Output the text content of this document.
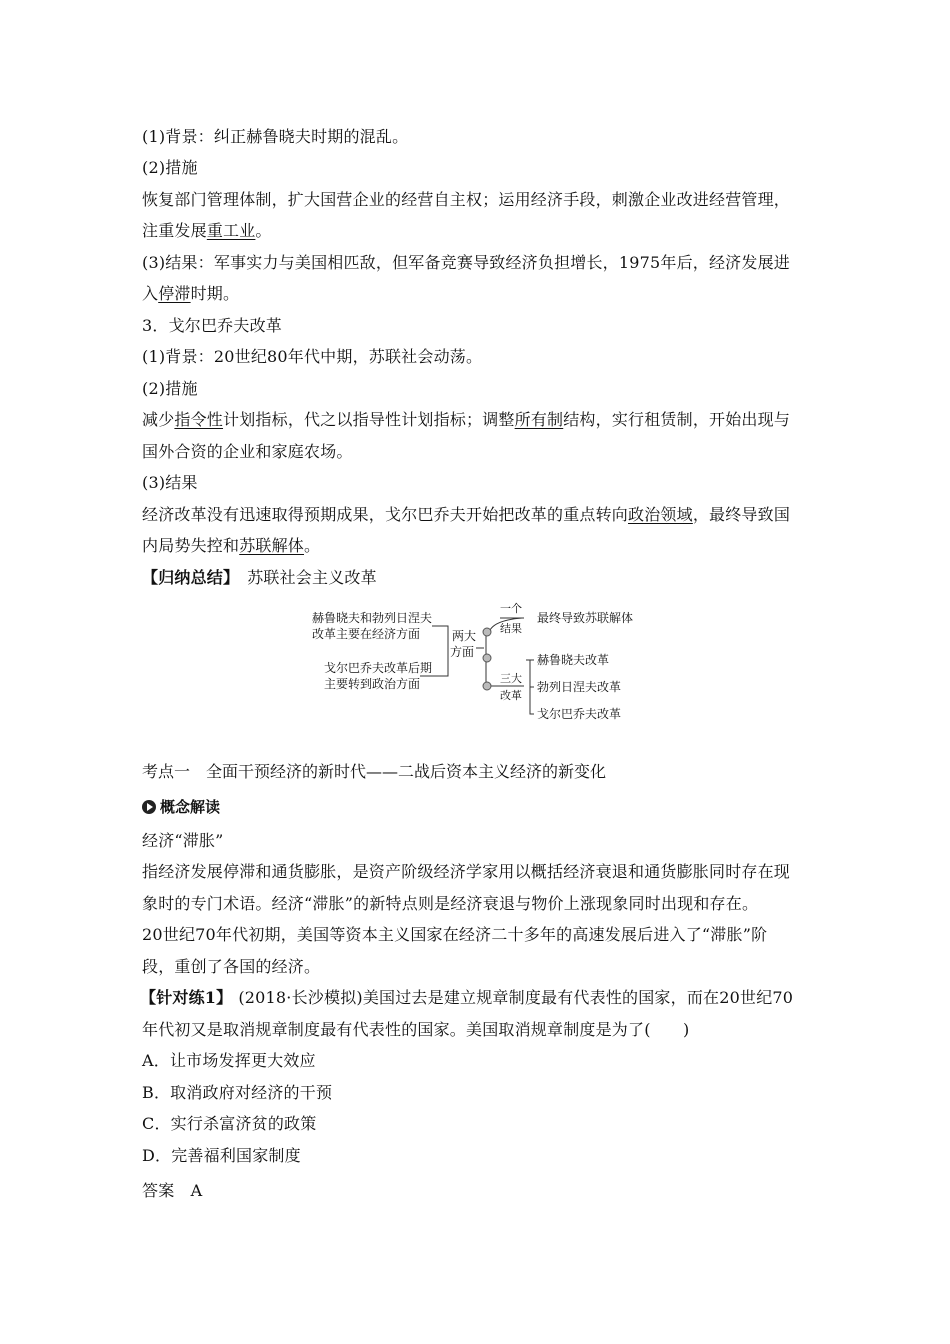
(1)背景：纠正赫鲁晓夫时期的混乱。
(2)措施
恢复部门管理体制，扩大国营企业的经营自主权；运用经济手段，刺激企业改进经营管理，
注重发展重工业。
(3)结果：军事实力与美国相匹敌，但军备竞赛导致经济负担增长，1975年后，经济发展进
入停滞时期。
3．戈尔巴乔夫改革
(1)背景：20世纪80年代中期，苏联社会动荡。
(2)措施
减少指令性计划指标，代之以指导性计划指标；调整所有制结构，实行租赁制，开始出现与
国外合资的企业和家庭农场。
(3)结果
经济改革没有迅速取得预期成果，戈尔巴乔夫开始把改革的重点转向政治领域，最终导致国
内局势失控和苏联解体。
【归纳总结】 苏联社会主义改革
赫鲁晓夫和勃列日涅夫
改革主要在经济方面
戈尔巴乔夫改革后期
主要转到政治方面
两大
方面
一个
结果
最终导致苏联解体
三大
改革
赫鲁晓夫改革
勃列日涅夫改革
戈尔巴乔夫改革
考点一　全面干预经济的新时代——二战后资本主义经济的新变化
概念解读
经济“滞胀”
指经济发展停滞和通货膨胀，是资产阶级经济学家用以概括经济衰退和通货膨胀同时存在现
象时的专门术语。经济“滞胀”的新特点则是经济衰退与物价上涨现象同时出现和存在。
20世纪70年代初期，美国等资本主义国家在经济二十多年的高速发展后进入了“滞胀”阶
段，重创了各国的经济。
【针对练1】 (2018·长沙模拟)美国过去是建立规章制度最有代表性的国家，而在20世纪70
年代初又是取消规章制度最有代表性的国家。美国取消规章制度是为了(　　)
A．让市场发挥更大效应
B．取消政府对经济的干预
C．实行杀富济贫的政策
D．完善福利国家制度
答案　A
